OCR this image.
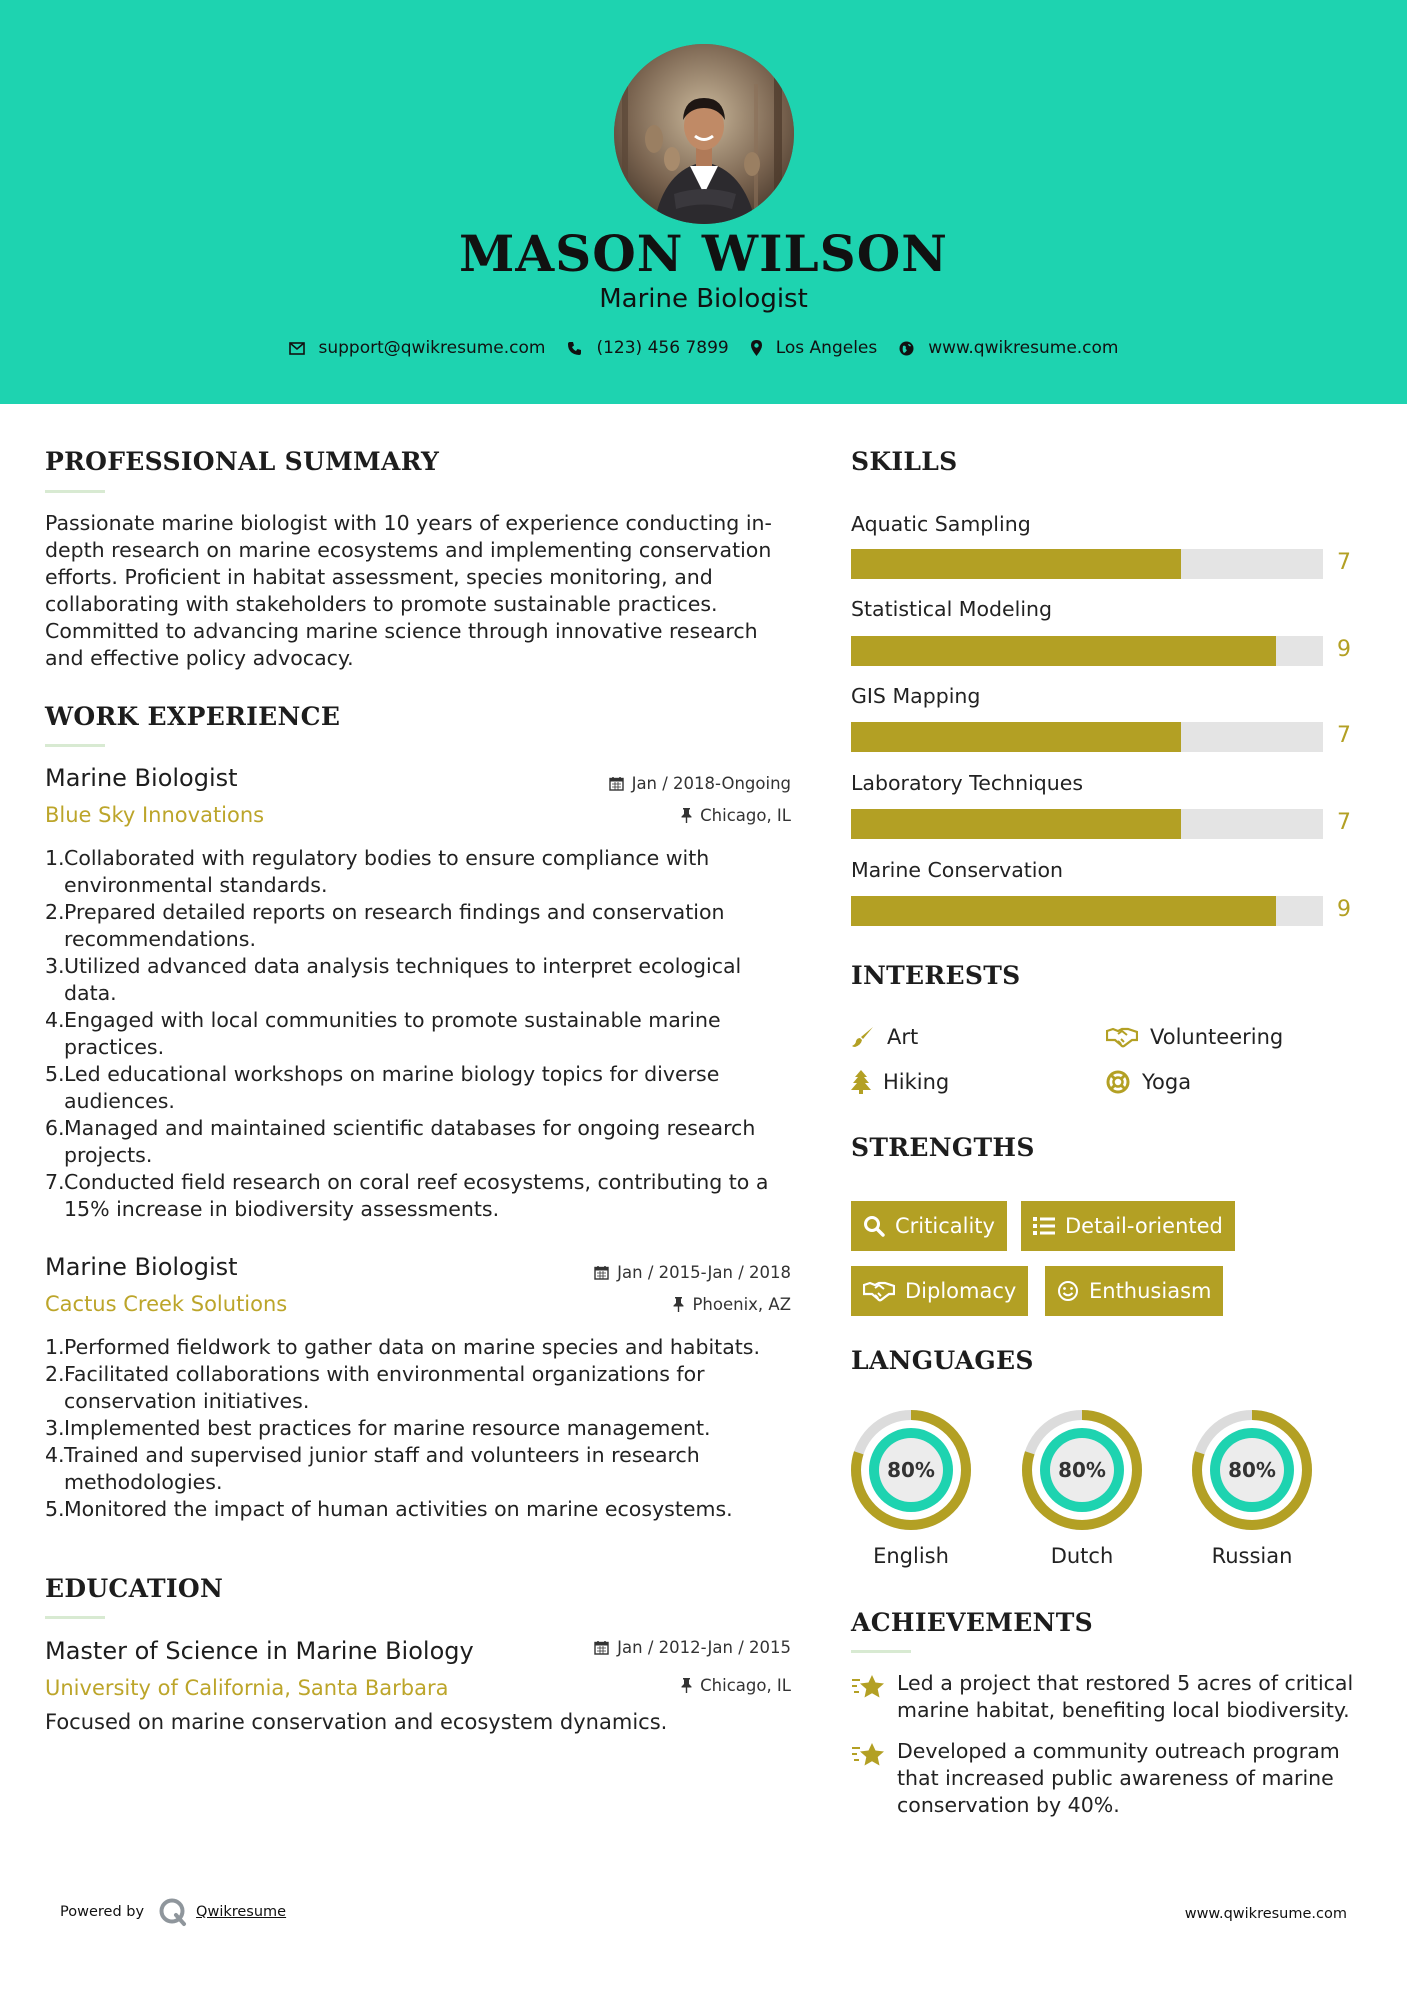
MASON WILSON
Marine Biologist
support@qwikresume.com	(123) 456 7899	Los Angeles	www.qwikresume.com
PROFESSIONAL SUMMARY
Passionate marine biologist with 10 years of experience conducting in-
depth research on marine ecosystems and implementing conservation
efforts. Proficient in habitat assessment, species monitoring, and
collaborating with stakeholders to promote sustainable practices.
Committed to advancing marine science through innovative research
and effective policy advocacy.
WORK EXPERIENCE
Marine Biologist
Blue Sky Innovations
Jan / 2018-Ongoing
Chicago, IL
1. Collaborated with regulatory bodies to ensure compliance with
environmental standards.
2. Prepared detailed reports on research findings and conservation
recommendations.
3. Utilized advanced data analysis techniques to interpret ecological
data.
4. Engaged with local communities to promote sustainable marine
practices.
5. Led educational workshops on marine biology topics for diverse
audiences.
6. Managed and maintained scientific databases for ongoing research
projects.
7. Conducted field research on coral reef ecosystems, contributing to a
15% increase in biodiversity assessments.
Marine Biologist
Cactus Creek Solutions
Jan / 2015-Jan / 2018
Phoenix, AZ
1. Performed fieldwork to gather data on marine species and habitats.
2. Facilitated collaborations with environmental organizations for
conservation initiatives.
3. Implemented best practices for marine resource management.
4. Trained and supervised junior staff and volunteers in research
methodologies.
5. Monitored the impact of human activities on marine ecosystems.
EDUCATION
Master of Science in Marine Biology
University of California, Santa Barbara
Jan / 2012-Jan / 2015
Chicago, IL
Focused on marine conservation and ecosystem dynamics.
SKILLS
Aquatic Sampling
7
Statistical Modeling
9
GIS Mapping
7
Laboratory Techniques
7
Marine Conservation
9
INTERESTS
Art	Volunteering
Hiking	Yoga
STRENGTHS
Criticality	Detail-oriented
Diplomacy	Enthusiasm
LANGUAGES
80%
English
80%
Dutch
80%
Russian
ACHIEVEMENTS
Led a project that restored 5 acres of critical
marine habitat, benefiting local biodiversity.
Developed a community outreach program
that increased public awareness of marine
conservation by 40%.
Powered by	Qwikresume	www.qwikresume.com
